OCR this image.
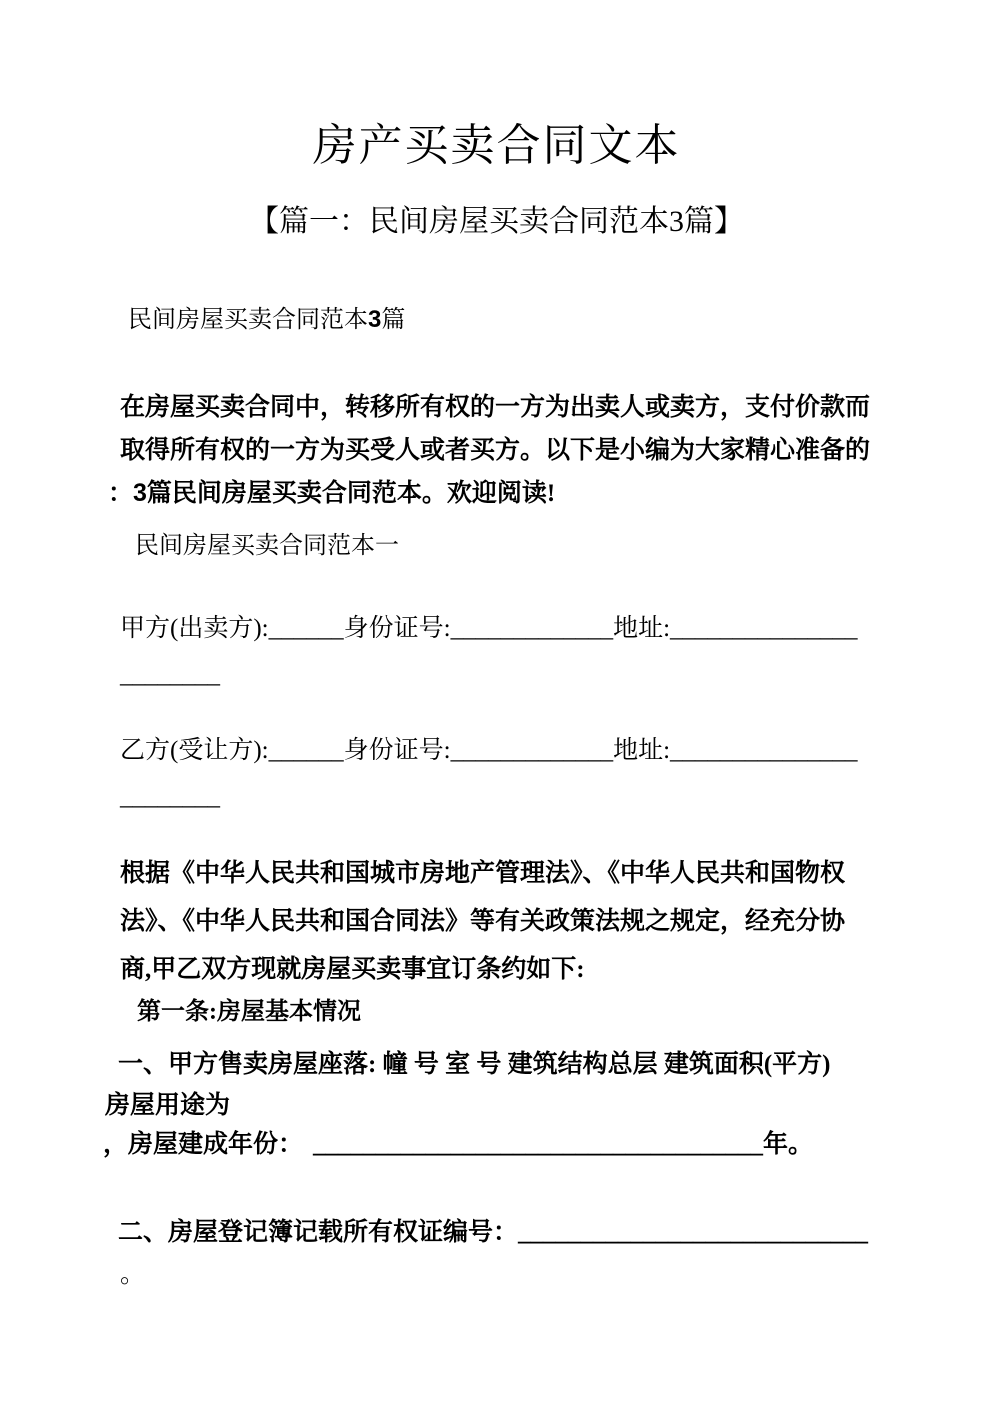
房产买卖合同文本
【篇一：民间房屋买卖合同范本3篇】
民间房屋买卖合同范本3篇
在房屋买卖合同中，转移所有权的一方为出卖人或卖方，支付价款而
取得所有权的一方为买受人或者买方。以下是小编为大家精心准备的
：3篇民间房屋买卖合同范本。欢迎阅读!
民间房屋买卖合同范本一
甲方(出卖方):______身份证号:_____________地址:_______________
________
乙方(受让方):______身份证号:_____________地址:_______________
________
根据《中华人民共和国城市房地产管理法》、《中华人民共和国物权
法》、《中华人民共和国合同法》等有关政策法规之规定，经充分协
商,甲乙双方现就房屋买卖事宜订条约如下:
第一条:房屋基本情况
一、甲方售卖房屋座落: 幢 号 室 号 建筑结构总层 建筑面积(平方)
房屋用途为
，房屋建成年份： ____________________________________年。
二、房屋登记簿记载所有权证编号：____________________________
。
